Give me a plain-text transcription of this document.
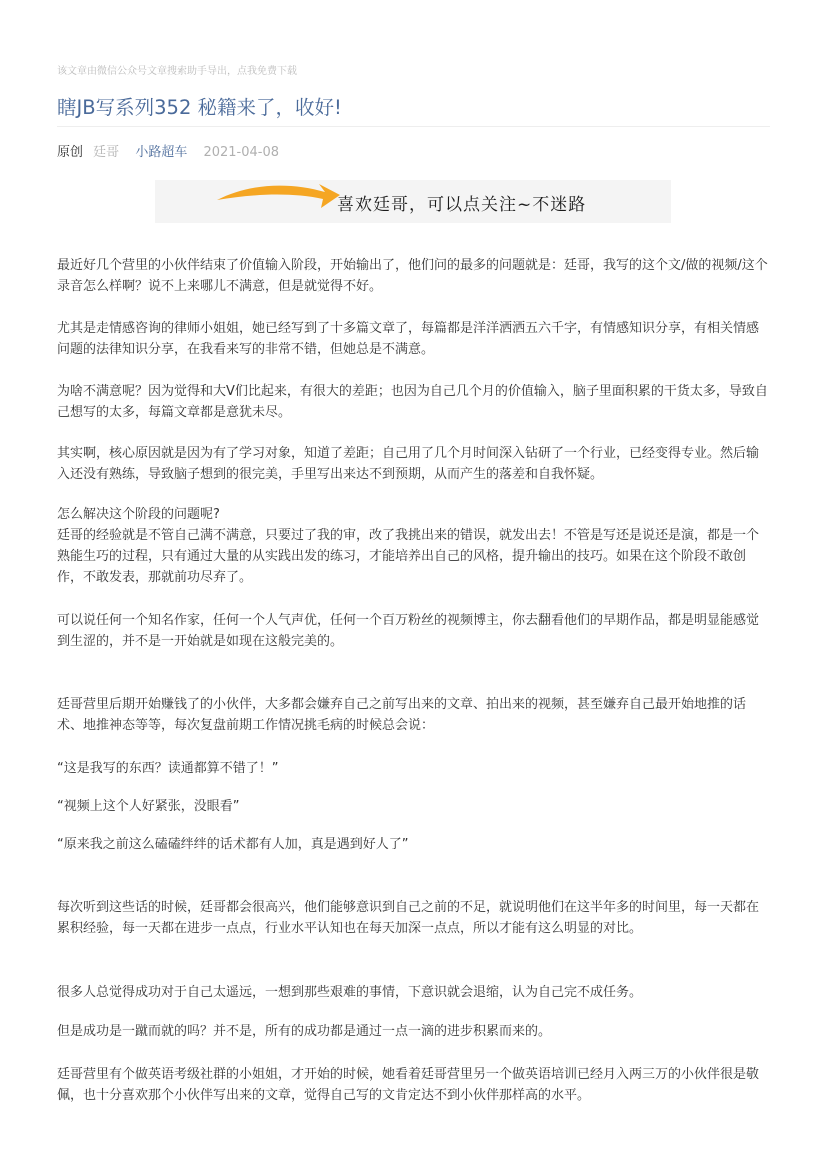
该文章由微信公众号文章搜索助手导出，点我免费下载
瞎JB写系列352 秘籍来了，收好!
原创 廷哥 小路超车 2021-04-08
喜欢廷哥，可以点关注~不迷路
最近好几个营里的小伙伴结束了价值输入阶段，开始输出了，他们问的最多的问题就是：廷哥，我写的这个文/做的视频/这个录音怎么样啊？说不上来哪儿不满意，但是就觉得不好。
尤其是走情感咨询的律师小姐姐，她已经写到了十多篇文章了，每篇都是洋洋洒洒五六千字，有情感知识分享，有相关情感问题的法律知识分享，在我看来写的非常不错，但她总是不满意。
为啥不满意呢？因为觉得和大V们比起来，有很大的差距；也因为自己几个月的价值输入，脑子里面积累的干货太多，导致自己想写的太多，每篇文章都是意犹未尽。
其实啊，核心原因就是因为有了学习对象，知道了差距；自己用了几个月时间深入钻研了一个行业，已经变得专业。然后输入还没有熟练，导致脑子想到的很完美，手里写出来达不到预期，从而产生的落差和自我怀疑。
怎么解决这个阶段的问题呢?
廷哥的经验就是不管自己满不满意，只要过了我的审，改了我挑出来的错误，就发出去！不管是写还是说还是演，都是一个熟能生巧的过程，只有通过大量的从实践出发的练习，才能培养出自己的风格，提升输出的技巧。如果在这个阶段不敢创作，不敢发表，那就前功尽弃了。
可以说任何一个知名作家，任何一个人气声优，任何一个百万粉丝的视频博主，你去翻看他们的早期作品，都是明显能感觉到生涩的，并不是一开始就是如现在这般完美的。
廷哥营里后期开始赚钱了的小伙伴，大多都会嫌弃自己之前写出来的文章、拍出来的视频，甚至嫌弃自己最开始地推的话术、地推神态等等，每次复盘前期工作情况挑毛病的时候总会说：
“这是我写的东西？读通都算不错了！”
“视频上这个人好紧张，没眼看”
“原来我之前这么磕磕绊绊的话术都有人加，真是遇到好人了”
每次听到这些话的时候，廷哥都会很高兴，他们能够意识到自己之前的不足，就说明他们在这半年多的时间里，每一天都在累积经验，每一天都在进步一点点，行业水平认知也在每天加深一点点，所以才能有这么明显的对比。
很多人总觉得成功对于自己太遥远，一想到那些艰难的事情，下意识就会退缩，认为自己完不成任务。
但是成功是一蹴而就的吗？并不是，所有的成功都是通过一点一滴的进步积累而来的。
廷哥营里有个做英语考级社群的小姐姐，才开始的时候，她看着廷哥营里另一个做英语培训已经月入两三万的小伙伴很是敬佩，也十分喜欢那个小伙伴写出来的文章，觉得自己写的文肯定达不到小伙伴那样高的水平。
